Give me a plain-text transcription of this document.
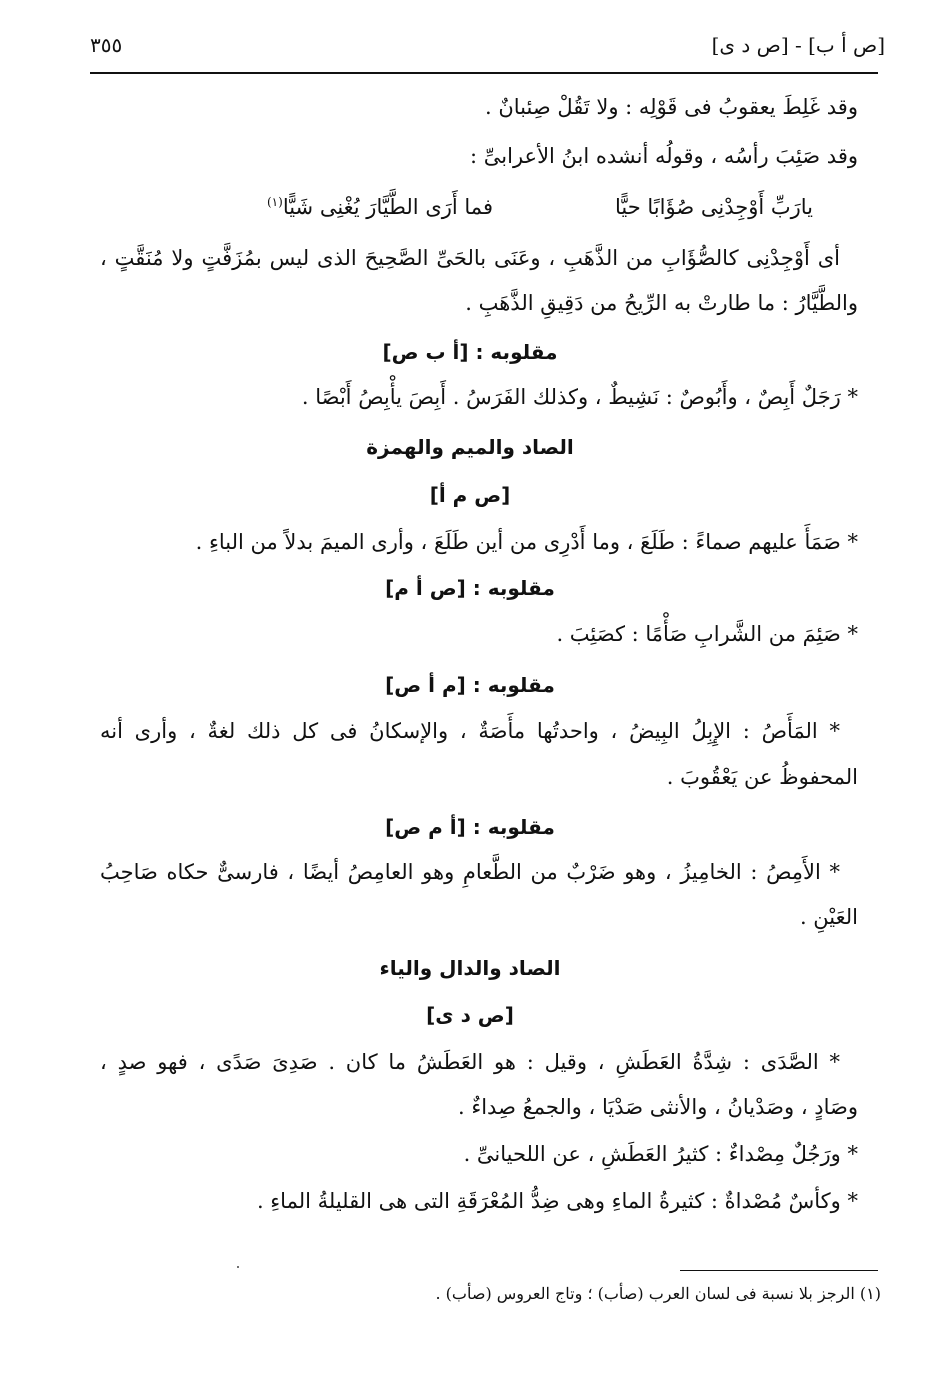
[ص أ ب] - [ص د ى]
٣٥٥
وقد غَلِطَ يعقوبُ فى قَوْلِه : ولا تَقُلْ صِئبانٌ .
وقد صَئِبَ رأسُه ، وقولُه أنشده ابنُ الأعرابىِّ :
يارَبِّ أَوْجِدْنِى صُؤَابًا حيًّا
فما أَرَى الطَّيَّارَ يُغْنِى شَيًّا$^{(١)}$
أى أَوْجِدْنِى كالصُّؤَابِ من الذَّهَبِ ، وعَنَى بالحَىِّ الصَّحِيحَ الذى ليس بمُزَفَّتٍ ولا مُنَقَّتٍ ،
والطَّيَّارُ : ما طارتْ به الرِّيحُ من دَقِيقِ الذَّهَبِ .
مقلوبه : [أ ب ص]
* رَجَلٌ أَبِصٌ ، وأَبُوصٌ : نَشِيطٌ ، وكذلك الفَرَسُ . أَبِصَ يأْبِصُ أَبْصًا .
الصاد والميم والهمزة
[ص م أ]
* صَمَأَ عليهم صماءً : طَلَعَ ، وما أَدْرِى من أين طَلَعَ ، وأرى الميمَ بدلاً من الباءِ .
مقلوبه : [ص أ م]
* صَئِمَ من الشَّرابِ صَأْمًا : كصَئِبَ .
مقلوبه : [م أ ص]
* المَأَصُ : الإِبِلُ البِيضُ ، واحدتُها مأَصَةٌ ، والإسكانُ فى كل ذلك لغةٌ ، وأرى أنه
المحفوظُ عن يَعْقُوبَ .
مقلوبه : [أ م ص]
* الأَمِصُ : الخامِيزُ ، وهو ضَرْبٌ من الطَّعامِ وهو العامِصُ أيضًا ، فارسىٌّ حكاه صَاحِبُ
العَيْنِ .
الصاد والدال والياء
[ص د ى]
* الصَّدَى : شِدَّةُ العَطَشِ ، وقيل : هو العَطَشُ ما كان . صَدِىَ صَدًى ، فهو صدٍ ،
وصَادٍ ، وصَدْيانُ ، والأنثى صَدْيَا ، والجمعُ صِداءٌ .
* ورَجُلٌ مِصْداءٌ : كثيرُ العَطَشِ ، عن اللحيانىِّ .
* وكأسٌ مُصْداةٌ : كثيرةُ الماءِ وهى ضِدُّ المُعْرَقَةِ التى هى القليلةُ الماءِ .
(١) الرجز بلا نسبة فى لسان العرب (صأب) ؛ وتاج العروس (صأب) .
